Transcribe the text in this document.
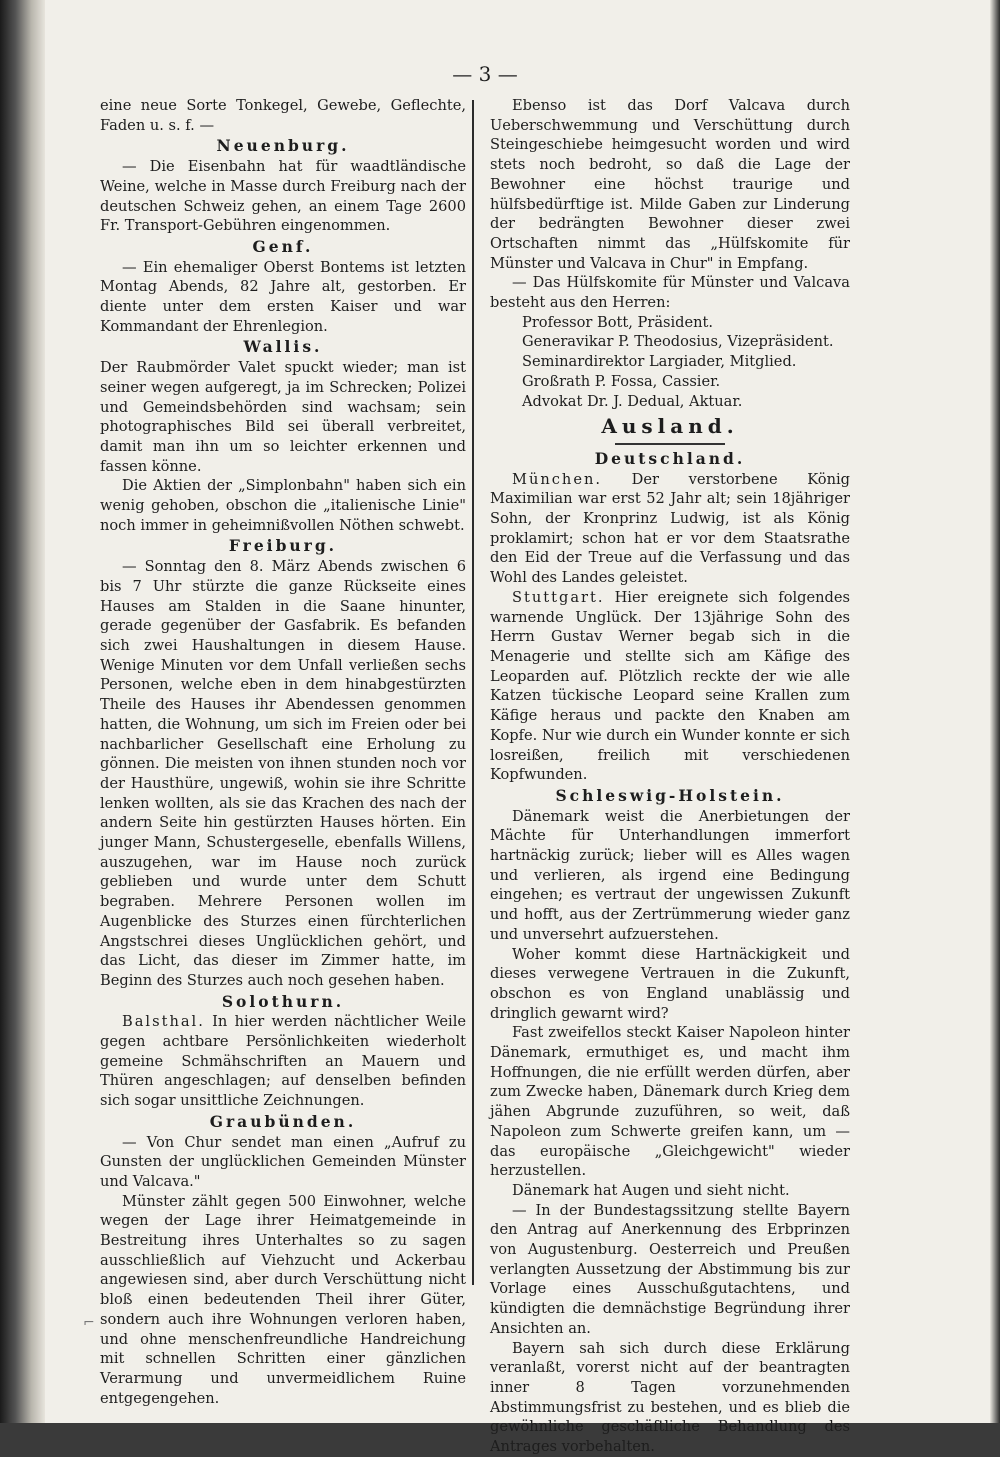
— 3 —

eine neue Sorte Tonkegel, Gewebe, Geflechte, Faden u. s. f. —

Neuenburg.

— Die Eisenbahn hat für waadtländische Weine, welche in Masse durch Freiburg nach der deutschen Schweiz gehen, an einem Tage 2600 Fr. Transport-Gebühren eingenommen.

Genf.

— Ein ehemaliger Oberst Bontems ist letzten Montag Abends, 82 Jahre alt, gestorben. Er diente unter dem ersten Kaiser und war Kommandant der Ehrenlegion.

Wallis.

Der Raubmörder Valet spuckt wieder; man ist seiner wegen aufgeregt, ja im Schrecken; Polizei und Gemeindsbehörden sind wachsam; sein photographisches Bild sei überall verbreitet, damit man ihn um so leichter erkennen und fassen könne.

Die Aktien der „Simplonbahn" haben sich ein wenig gehoben, obschon die „italienische Linie" noch immer in geheimnißvollen Nöthen schwebt.

Freiburg.

— Sonntag den 8. März Abends zwischen 6 bis 7 Uhr stürzte die ganze Rückseite eines Hauses am Stalden in die Saane hinunter, gerade gegenüber der Gasfabrik. Es befanden sich zwei Haushaltungen in diesem Hause. Wenige Minuten vor dem Unfall verließen sechs Personen, welche eben in dem hinabgestürzten Theile des Hauses ihr Abendessen genommen hatten, die Wohnung, um sich im Freien oder bei nachbarlicher Gesellschaft eine Erholung zu gönnen. Die meisten von ihnen stunden noch vor der Hausthüre, ungewiß, wohin sie ihre Schritte lenken wollten, als sie das Krachen des nach der andern Seite hin gestürzten Hauses hörten. Ein junger Mann, Schustergeselle, ebenfalls Willens, auszugehen, war im Hause noch zurück geblieben und wurde unter dem Schutt begraben. Mehrere Personen wollen im Augenblicke des Sturzes einen fürchterlichen Angstschrei dieses Unglücklichen gehört, und das Licht, das dieser im Zimmer hatte, im Beginn des Sturzes auch noch gesehen haben.

Solothurn.

Balsthal. In hier werden nächtlicher Weile gegen achtbare Persönlichkeiten wiederholt gemeine Schmähschriften an Mauern und Thüren angeschlagen; auf denselben befinden sich sogar unsittliche Zeichnungen.

Graubünden.

— Von Chur sendet man einen „Aufruf zu Gunsten der unglücklichen Gemeinden Münster und Valcava."

Münster zählt gegen 500 Einwohner, welche wegen der Lage ihrer Heimatgemeinde in Bestreitung ihres Unterhaltes so zu sagen ausschließlich auf Viehzucht und Ackerbau angewiesen sind, aber durch Verschüttung nicht bloß einen bedeutenden Theil ihrer Güter, sondern auch ihre Wohnungen verloren haben, und ohne menschenfreundliche Handreichung mit schnellen Schritten einer gänzlichen Verarmung und unvermeidlichem Ruine entgegengehen.

Ebenso ist das Dorf Valcava durch Ueberschwemmung und Verschüttung durch Steingeschiebe heimgesucht worden und wird stets noch bedroht, so daß die Lage der Bewohner eine höchst traurige und hülfsbedürftige ist. Milde Gaben zur Linderung der bedrängten Bewohner dieser zwei Ortschaften nimmt das „Hülfskomite für Münster und Valcava in Chur" in Empfang.

— Das Hülfskomite für Münster und Valcava besteht aus den Herren:

Professor Bott, Präsident.
Generavikar P. Theodosius, Vizepräsident.
Seminardirektor Largiader, Mitglied.
Großrath P. Fossa, Cassier.
Advokat Dr. J. Dedual, Aktuar.
Ausland.
Deutschland.

München. Der verstorbene König Maximilian war erst 52 Jahr alt; sein 18jähriger Sohn, der Kronprinz Ludwig, ist als König proklamirt; schon hat er vor dem Staatsrathe den Eid der Treue auf die Verfassung und das Wohl des Landes geleistet.

Stuttgart. Hier ereignete sich folgendes warnende Unglück. Der 13jährige Sohn des Herrn Gustav Werner begab sich in die Menagerie und stellte sich am Käfige des Leoparden auf. Plötzlich reckte der wie alle Katzen tückische Leopard seine Krallen zum Käfige heraus und packte den Knaben am Kopfe. Nur wie durch ein Wunder konnte er sich losreißen, freilich mit verschiedenen Kopfwunden.

Schleswig-Holstein.

Dänemark weist die Anerbietungen der Mächte für Unterhandlungen immerfort hartnäckig zurück; lieber will es Alles wagen und verlieren, als irgend eine Bedingung eingehen; es vertraut der ungewissen Zukunft und hofft, aus der Zertrümmerung wieder ganz und unversehrt aufzuerstehen.

Woher kommt diese Hartnäckigkeit und dieses verwegene Vertrauen in die Zukunft, obschon es von England unablässig und dringlich gewarnt wird?

Fast zweifellos steckt Kaiser Napoleon hinter Dänemark, ermuthiget es, und macht ihm Hoffnungen, die nie erfüllt werden dürfen, aber zum Zwecke haben, Dänemark durch Krieg dem jähen Abgrunde zuzuführen, so weit, daß Napoleon zum Schwerte greifen kann, um — das europäische „Gleichgewicht" wieder herzustellen.

Dänemark hat Augen und sieht nicht.

— In der Bundestagssitzung stellte Bayern den Antrag auf Anerkennung des Erbprinzen von Augustenburg. Oesterreich und Preußen verlangten Aussetzung der Abstimmung bis zur Vorlage eines Ausschußgutachtens, und kündigten die demnächstige Begründung ihrer Ansichten an.

Bayern sah sich durch diese Erklärung veranlaßt, vorerst nicht auf der beantragten inner 8 Tagen vorzunehmenden Abstimmungsfrist zu bestehen, und es blieb die gewöhnliche geschäftliche Behandlung des Antrages vorbehalten.

⌐
